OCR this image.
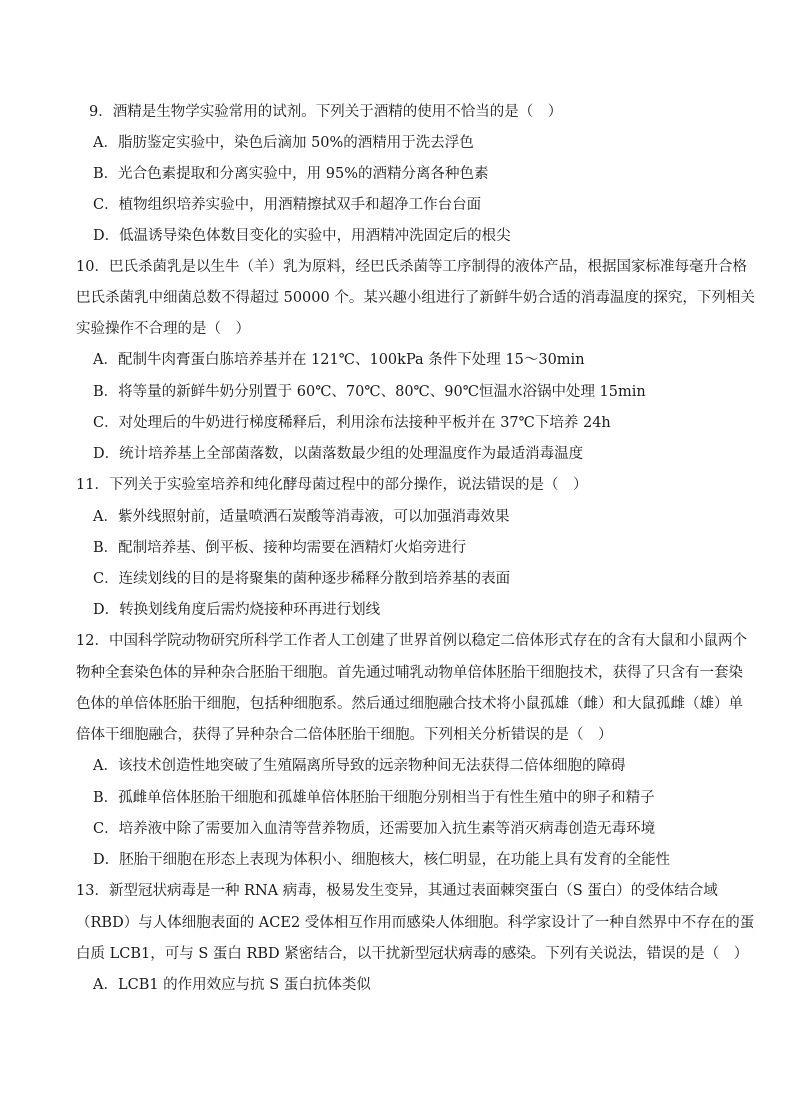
9．酒精是生物学实验常用的试剂。下列关于酒精的使用不恰当的是（　）
A．脂肪鉴定实验中，染色后滴加 50%的酒精用于洗去浮色
B．光合色素提取和分离实验中，用 95%的酒精分离各种色素
C．植物组织培养实验中，用酒精擦拭双手和超净工作台台面
D．低温诱导染色体数目变化的实验中，用酒精冲洗固定后的根尖
10．巴氏杀菌乳是以生牛（羊）乳为原料，经巴氏杀菌等工序制得的液体产品，根据国家标准每毫升合格
巴氏杀菌乳中细菌总数不得超过 50000 个。某兴趣小组进行了新鲜牛奶合适的消毒温度的探究，下列相关
实验操作不合理的是（　）
A．配制牛肉膏蛋白胨培养基并在 121℃、100kPa 条件下处理 15～30min
B．将等量的新鲜牛奶分别置于 60℃、70℃、80℃、90℃恒温水浴锅中处理 15min
C．对处理后的牛奶进行梯度稀释后，利用涂布法接种平板并在 37℃下培养 24h
D．统计培养基上全部菌落数，以菌落数最少组的处理温度作为最适消毒温度
11．下列关于实验室培养和纯化酵母菌过程中的部分操作，说法错误的是（　）
A．紫外线照射前，适量喷洒石炭酸等消毒液，可以加强消毒效果
B．配制培养基、倒平板、接种均需要在酒精灯火焰旁进行
C．连续划线的目的是将聚集的菌种逐步稀释分散到培养基的表面
D．转换划线角度后需灼烧接种环再进行划线
12．中国科学院动物研究所科学工作者人工创建了世界首例以稳定二倍体形式存在的含有大鼠和小鼠两个
物种全套染色体的异种杂合胚胎干细胞。首先通过哺乳动物单倍体胚胎干细胞技术，获得了只含有一套染
色体的单倍体胚胎干细胞，包括种细胞系。然后通过细胞融合技术将小鼠孤雄（雌）和大鼠孤雌（雄）单
倍体干细胞融合，获得了异种杂合二倍体胚胎干细胞。下列相关分析错误的是（　）
A．该技术创造性地突破了生殖隔离所导致的远亲物种间无法获得二倍体细胞的障碍
B．孤雌单倍体胚胎干细胞和孤雄单倍体胚胎干细胞分别相当于有性生殖中的卵子和精子
C．培养液中除了需要加入血清等营养物质，还需要加入抗生素等消灭病毒创造无毒环境
D．胚胎干细胞在形态上表现为体积小、细胞核大，核仁明显，在功能上具有发育的全能性
13．新型冠状病毒是一种 RNA 病毒，极易发生变异，其通过表面棘突蛋白（S 蛋白）的受体结合域
（RBD）与人体细胞表面的 ACE2 受体相互作用而感染人体细胞。科学家设计了一种自然界中不存在的蛋
白质 LCB1，可与 S 蛋白 RBD 紧密结合，以干扰新型冠状病毒的感染。下列有关说法，错误的是（　）
A．LCB1 的作用效应与抗 S 蛋白抗体类似
